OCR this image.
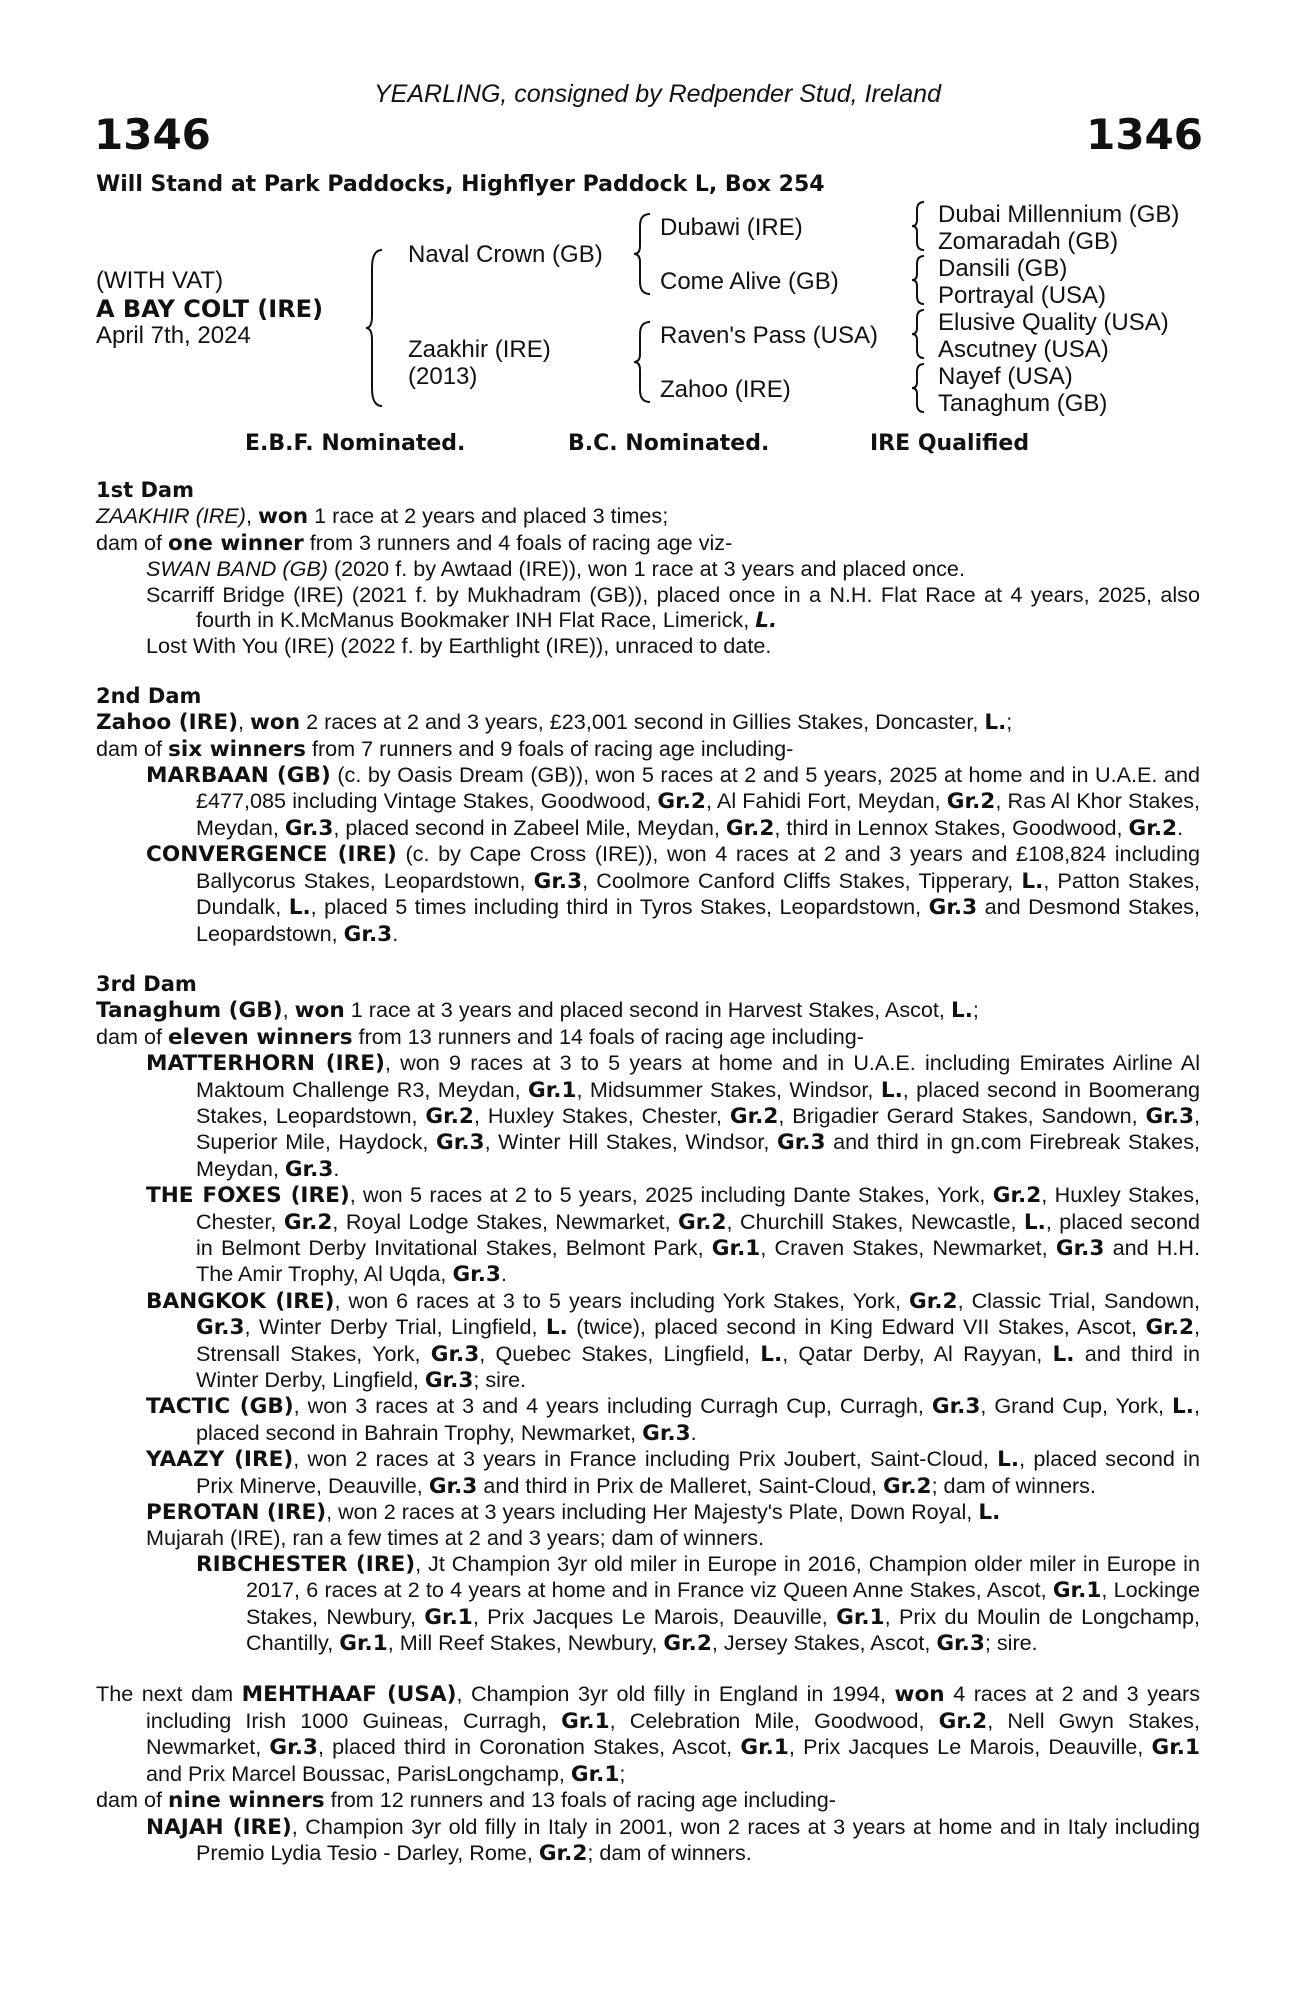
YEARLING, consigned by Redpender Stud, Ireland
1346	1346
Will Stand at Park Paddocks, Highflyer Paddock L, Box 254
(WITH VAT)
A BAY COLT (IRE)
April 7th, 2024
Naval Crown (GB)
Zaakhir (IRE)
(2013)
Dubawi (IRE)
Come Alive (GB)
Raven's Pass (USA)
Zahoo (IRE)
Dubai Millennium (GB)
Zomaradah (GB)
Dansili (GB)
Portrayal (USA)
Elusive Quality (USA)
Ascutney (USA)
Nayef (USA)
Tanaghum (GB)
E.B.F. Nominated.	B.C. Nominated.	IRE Qualified
1st Dam
ZAAKHIR (IRE), won 1 race at 2 years and placed 3 times;
dam of one winner from 3 runners and 4 foals of racing age viz-
SWAN BAND (GB) (2020 f. by Awtaad (IRE)), won 1 race at 3 years and placed once.
Scarriff Bridge (IRE) (2021 f. by Mukhadram (GB)), placed once in a N.H. Flat Race at 4 years, 2025, also fourth in K.McManus Bookmaker INH Flat Race, Limerick, L.
Lost With You (IRE) (2022 f. by Earthlight (IRE)), unraced to date.
2nd Dam
Zahoo (IRE), won 2 races at 2 and 3 years, £23,001 second in Gillies Stakes, Doncaster, L.;
dam of six winners from 7 runners and 9 foals of racing age including-
MARBAAN (GB) (c. by Oasis Dream (GB)), won 5 races at 2 and 5 years, 2025 at home and in U.A.E. and £477,085 including Vintage Stakes, Goodwood, Gr.2, Al Fahidi Fort, Meydan, Gr.2, Ras Al Khor Stakes, Meydan, Gr.3, placed second in Zabeel Mile, Meydan, Gr.2, third in Lennox Stakes, Goodwood, Gr.2.
CONVERGENCE (IRE) (c. by Cape Cross (IRE)), won 4 races at 2 and 3 years and £108,824 including Ballycorus Stakes, Leopardstown, Gr.3, Coolmore Canford Cliffs Stakes, Tipperary, L., Patton Stakes, Dundalk, L., placed 5 times including third in Tyros Stakes, Leopardstown, Gr.3 and Desmond Stakes, Leopardstown, Gr.3.
3rd Dam
Tanaghum (GB), won 1 race at 3 years and placed second in Harvest Stakes, Ascot, L.;
dam of eleven winners from 13 runners and 14 foals of racing age including-
MATTERHORN (IRE), won 9 races at 3 to 5 years at home and in U.A.E. including Emirates Airline Al Maktoum Challenge R3, Meydan, Gr.1, Midsummer Stakes, Windsor, L., placed second in Boomerang Stakes, Leopardstown, Gr.2, Huxley Stakes, Chester, Gr.2, Brigadier Gerard Stakes, Sandown, Gr.3, Superior Mile, Haydock, Gr.3, Winter Hill Stakes, Windsor, Gr.3 and third in gn.com Firebreak Stakes, Meydan, Gr.3.
THE FOXES (IRE), won 5 races at 2 to 5 years, 2025 including Dante Stakes, York, Gr.2, Huxley Stakes, Chester, Gr.2, Royal Lodge Stakes, Newmarket, Gr.2, Churchill Stakes, Newcastle, L., placed second in Belmont Derby Invitational Stakes, Belmont Park, Gr.1, Craven Stakes, Newmarket, Gr.3 and H.H. The Amir Trophy, Al Uqda, Gr.3.
BANGKOK (IRE), won 6 races at 3 to 5 years including York Stakes, York, Gr.2, Classic Trial, Sandown, Gr.3, Winter Derby Trial, Lingfield, L. (twice), placed second in King Edward VII Stakes, Ascot, Gr.2, Strensall Stakes, York, Gr.3, Quebec Stakes, Lingfield, L., Qatar Derby, Al Rayyan, L. and third in Winter Derby, Lingfield, Gr.3; sire.
TACTIC (GB), won 3 races at 3 and 4 years including Curragh Cup, Curragh, Gr.3, Grand Cup, York, L., placed second in Bahrain Trophy, Newmarket, Gr.3.
YAAZY (IRE), won 2 races at 3 years in France including Prix Joubert, Saint-Cloud, L., placed second in Prix Minerve, Deauville, Gr.3 and third in Prix de Malleret, Saint-Cloud, Gr.2; dam of winners.
PEROTAN (IRE), won 2 races at 3 years including Her Majesty's Plate, Down Royal, L.
Mujarah (IRE), ran a few times at 2 and 3 years; dam of winners.
RIBCHESTER (IRE), Jt Champion 3yr old miler in Europe in 2016, Champion older miler in Europe in 2017, 6 races at 2 to 4 years at home and in France viz Queen Anne Stakes, Ascot, Gr.1, Lockinge Stakes, Newbury, Gr.1, Prix Jacques Le Marois, Deauville, Gr.1, Prix du Moulin de Longchamp, Chantilly, Gr.1, Mill Reef Stakes, Newbury, Gr.2, Jersey Stakes, Ascot, Gr.3; sire.
The next dam MEHTHAAF (USA), Champion 3yr old filly in England in 1994, won 4 races at 2 and 3 years including Irish 1000 Guineas, Curragh, Gr.1, Celebration Mile, Goodwood, Gr.2, Nell Gwyn Stakes, Newmarket, Gr.3, placed third in Coronation Stakes, Ascot, Gr.1, Prix Jacques Le Marois, Deauville, Gr.1 and Prix Marcel Boussac, ParisLongchamp, Gr.1;
dam of nine winners from 12 runners and 13 foals of racing age including-
NAJAH (IRE), Champion 3yr old filly in Italy in 2001, won 2 races at 3 years at home and in Italy including Premio Lydia Tesio - Darley, Rome, Gr.2; dam of winners.
